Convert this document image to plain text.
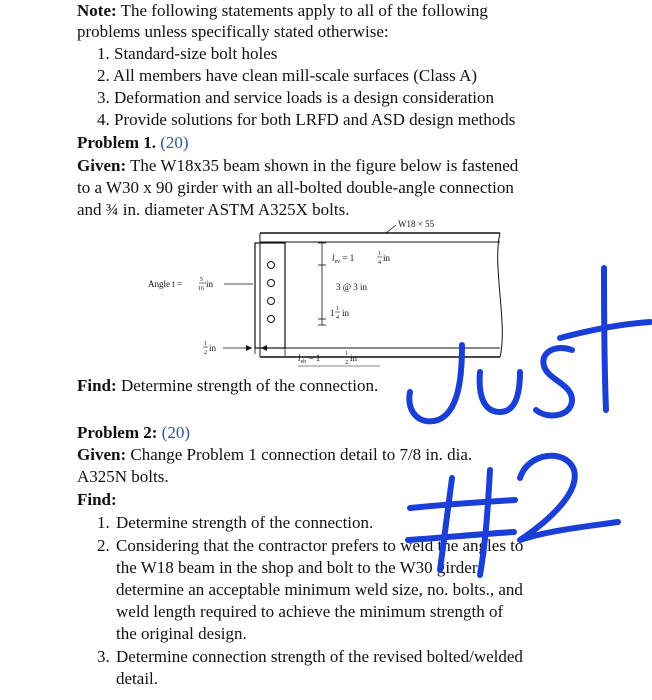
Note: The following statements apply to all of the following
problems unless specifically stated otherwise:
1. Standard-size bolt holes
2. All members have clean mill-scale surfaces (Class A)
3. Deformation and service loads is a design consideration
4. Provide solutions for both LRFD and ASD design methods
Problem 1. (20)
Given: The W18x35 beam shown in the figure below is fastened
to a W30 x 90 girder with an all-bolted double-angle connection
and ¾ in. diameter ASTM A325X bolts.
W18 × 55
Angle t =	5
16 in
$l_{ev} = 1$	1
4 in
3 @ 3 in
1 1
4 in
1
2 in
$l_{eh} = 1$	1
2 in
Find: Determine strength of the connection.
Problem 2: (20)
Given: Change Problem 1 connection detail to 7/8 in. dia.
A325N bolts.
Find:
1. Determine strength of the connection.
2. Considering that the contractor prefers to weld the angles to
the W18 beam in the shop and bolt to the W30 girder,
determine an acceptable minimum weld size, no. bolts., and
weld length required to achieve the minimum strength of
the original design.
3. Determine connection strength of the revised bolted/welded
detail.
